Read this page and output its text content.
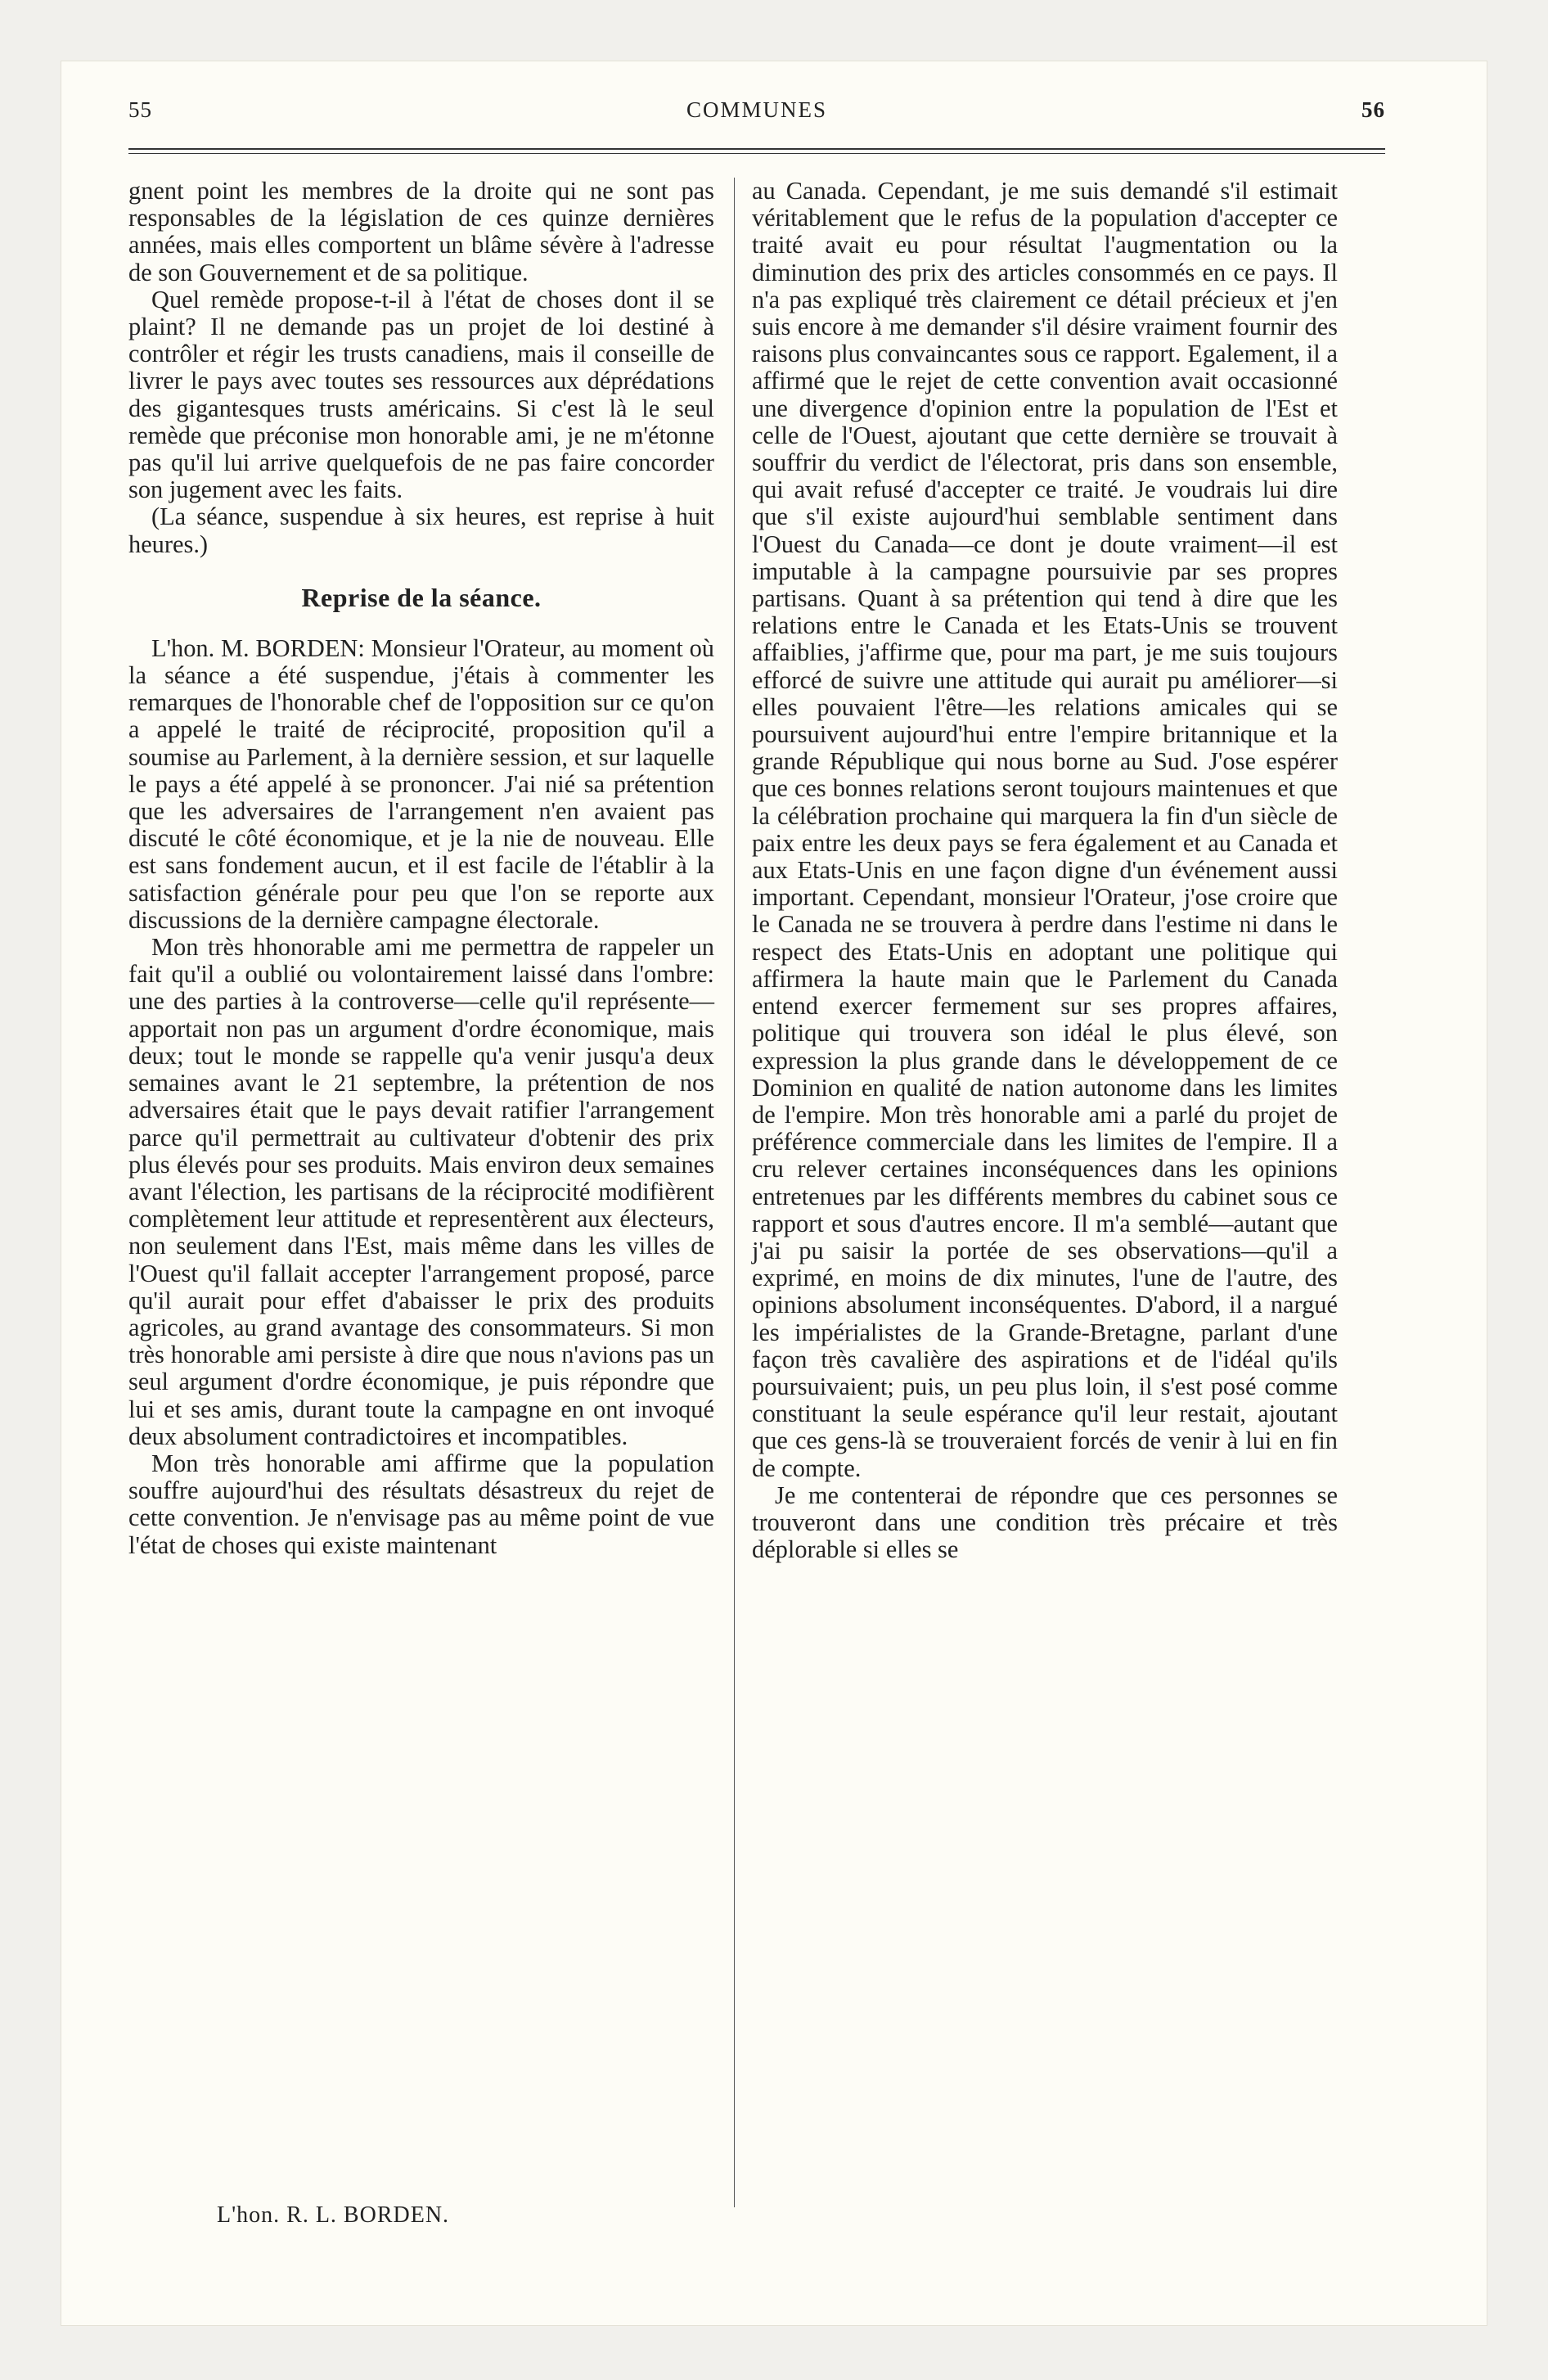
55	COMMUNES	56

gnent point les membres de la droite qui ne sont pas responsables de la législation de ces quinze dernières années, mais elles comportent un blâme sévère à l'adresse de son Gouvernement et de sa politique.

Quel remède propose-t-il à l'état de choses dont il se plaint? Il ne demande pas un projet de loi destiné à contrôler et régir les trusts canadiens, mais il conseille de livrer le pays avec toutes ses ressources aux déprédations des gigantesques trusts américains. Si c'est là le seul remède que préconise mon honorable ami, je ne m'étonne pas qu'il lui arrive quelquefois de ne pas faire concorder son jugement avec les faits.

(La séance, suspendue à six heures, est reprise à huit heures.)

Reprise de la séance.

L'hon. M. BORDEN: Monsieur l'Orateur, au moment où la séance a été suspendue, j'étais à commenter les remarques de l'honorable chef de l'opposition sur ce qu'on a appelé le traité de réciprocité, proposition qu'il a soumise au Parlement, à la dernière session, et sur laquelle le pays a été appelé à se prononcer. J'ai nié sa prétention que les adversaires de l'arrangement n'en avaient pas discuté le côté économique, et je la nie de nouveau. Elle est sans fondement aucun, et il est facile de l'établir à la satisfaction générale pour peu que l'on se reporte aux discussions de la dernière campagne électorale.

Mon très hhonorable ami me permettra de rappeler un fait qu'il a oublié ou volontairement laissé dans l'ombre: une des parties à la controverse—celle qu'il représente—apportait non pas un argument d'ordre économique, mais deux; tout le monde se rappelle qu'a venir jusqu'a deux semaines avant le 21 septembre, la prétention de nos adversaires était que le pays devait ratifier l'arrangement parce qu'il permettrait au cultivateur d'obtenir des prix plus élevés pour ses produits. Mais environ deux semaines avant l'élection, les partisans de la réciprocité modifièrent complètement leur attitude et representèrent aux électeurs, non seulement dans l'Est, mais même dans les villes de l'Ouest qu'il fallait accepter l'arrangement proposé, parce qu'il aurait pour effet d'abaisser le prix des produits agricoles, au grand avantage des consommateurs. Si mon très honorable ami persiste à dire que nous n'avions pas un seul argument d'ordre économique, je puis répondre que lui et ses amis, durant toute la campagne en ont invoqué deux absolument contradictoires et incompatibles.

Mon très honorable ami affirme que la population souffre aujourd'hui des résultats désastreux du rejet de cette convention. Je n'envisage pas au même point de vue l'état de choses qui existe maintenant

au Canada. Cependant, je me suis demandé s'il estimait véritablement que le refus de la population d'accepter ce traité avait eu pour résultat l'augmentation ou la diminution des prix des articles consommés en ce pays. Il n'a pas expliqué très clairement ce détail précieux et j'en suis encore à me demander s'il désire vraiment fournir des raisons plus convaincantes sous ce rapport. Egalement, il a affirmé que le rejet de cette convention avait occasionné une divergence d'opinion entre la population de l'Est et celle de l'Ouest, ajoutant que cette dernière se trouvait à souffrir du verdict de l'électorat, pris dans son ensemble, qui avait refusé d'accepter ce traité. Je voudrais lui dire que s'il existe aujourd'hui semblable sentiment dans l'Ouest du Canada—ce dont je doute vraiment—il est imputable à la campagne poursuivie par ses propres partisans. Quant à sa prétention qui tend à dire que les relations entre le Canada et les Etats-Unis se trouvent affaiblies, j'affirme que, pour ma part, je me suis toujours efforcé de suivre une attitude qui aurait pu améliorer—si elles pouvaient l'être—les relations amicales qui se poursuivent aujourd'hui entre l'empire britannique et la grande République qui nous borne au Sud. J'ose espérer que ces bonnes relations seront toujours maintenues et que la célébration prochaine qui marquera la fin d'un siècle de paix entre les deux pays se fera également et au Canada et aux Etats-Unis en une façon digne d'un événement aussi important. Cependant, monsieur l'Orateur, j'ose croire que le Canada ne se trouvera à perdre dans l'estime ni dans le respect des Etats-Unis en adoptant une politique qui affirmera la haute main que le Parlement du Canada entend exercer fermement sur ses propres affaires, politique qui trouvera son idéal le plus élevé, son expression la plus grande dans le développement de ce Dominion en qualité de nation autonome dans les limites de l'empire. Mon très honorable ami a parlé du projet de préférence commerciale dans les limites de l'empire. Il a cru relever certaines inconséquences dans les opinions entretenues par les différents membres du cabinet sous ce rapport et sous d'autres encore. Il m'a semblé—autant que j'ai pu saisir la portée de ses observations—qu'il a exprimé, en moins de dix minutes, l'une de l'autre, des opinions absolument inconséquentes. D'abord, il a nargué les impérialistes de la Grande-Bretagne, parlant d'une façon très cavalière des aspirations et de l'idéal qu'ils poursuivaient; puis, un peu plus loin, il s'est posé comme constituant la seule espérance qu'il leur restait, ajoutant que ces gens-là se trouveraient forcés de venir à lui en fin de compte.

Je me contenterai de répondre que ces personnes se trouveront dans une condition très précaire et très déplorable si elles se

L'hon. R. L. BORDEN.
